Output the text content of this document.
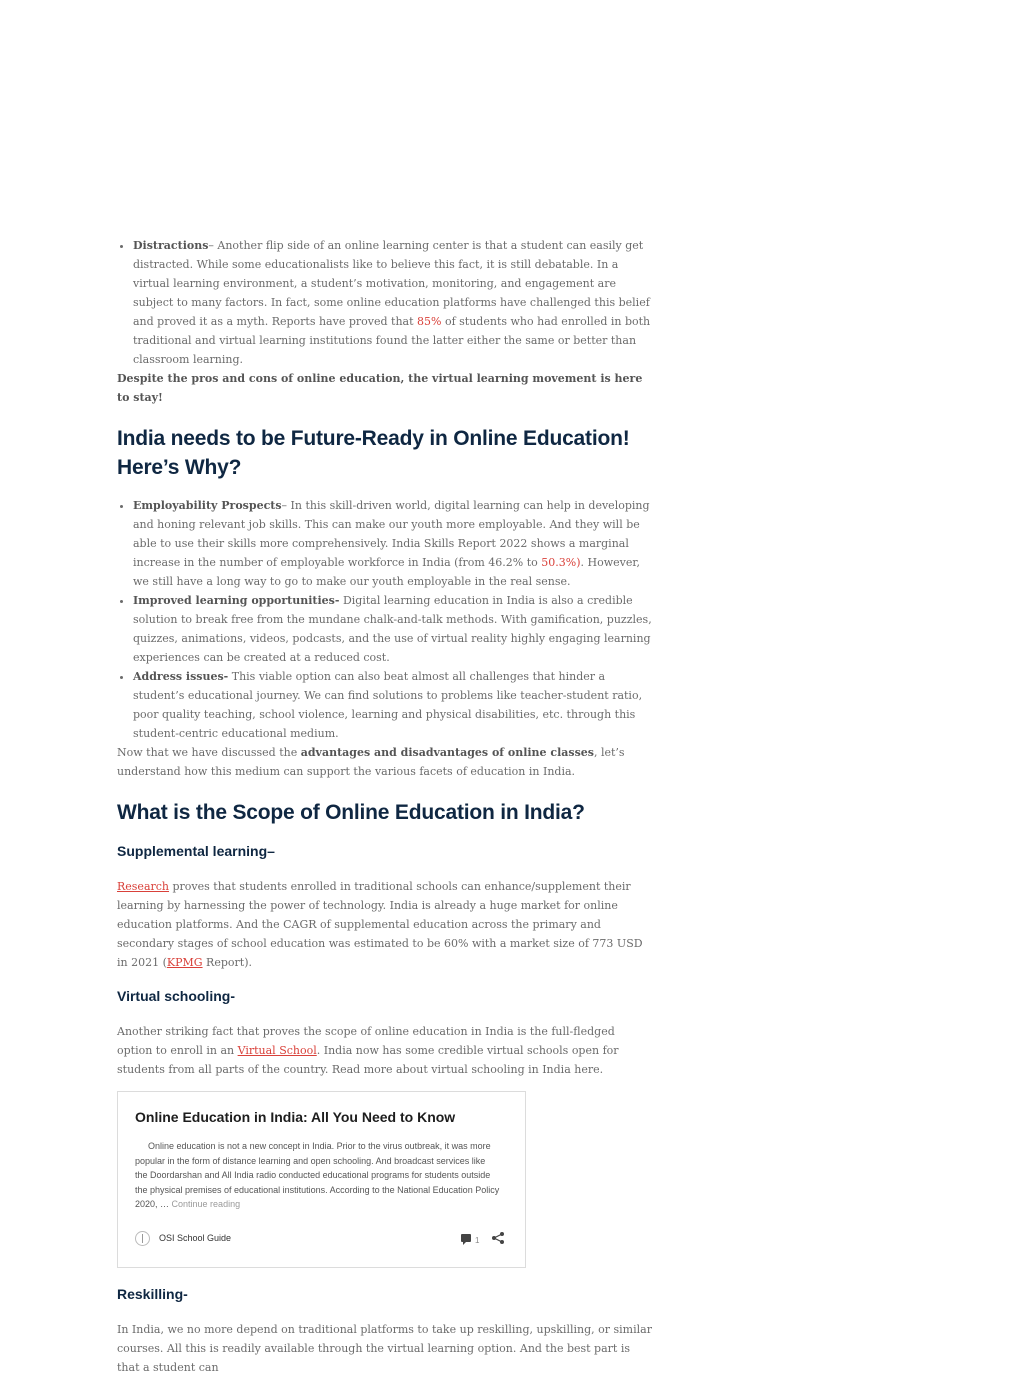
• Distractions– Another flip side of an online learning center is that a student can easily get distracted. While some educationalists like to believe this fact, it is still debatable. In a virtual learning environment, a student’s motivation, monitoring, and engagement are subject to many factors. In fact, some online education platforms have challenged this belief and proved it as a myth. Reports have proved that 85% of students who had enrolled in both traditional and virtual learning institutions found the latter either the same or better than classroom learning.

Despite the pros and cons of online education, the virtual learning movement is here to stay!

India needs to be Future-Ready in Online Education! Here’s Why?
• Employability Prospects– In this skill-driven world, digital learning can help in developing and honing relevant job skills. This can make our youth more employable. And they will be able to use their skills more comprehensively. India Skills Report 2022 shows a marginal increase in the number of employable workforce in India (from 46.2% to 50.3%). However, we still have a long way to go to make our youth employable in the real sense.
• Improved learning opportunities- Digital learning education in India is also a credible solution to break free from the mundane chalk-and-talk methods. With gamification, puzzles, quizzes, animations, videos, podcasts, and the use of virtual reality highly engaging learning experiences can be created at a reduced cost.
• Address issues- This viable option can also beat almost all challenges that hinder a student’s educational journey. We can find solutions to problems like teacher-student ratio, poor quality teaching, school violence, learning and physical disabilities, etc. through this student-centric educational medium.

Now that we have discussed the advantages and disadvantages of online classes, let’s understand how this medium can support the various facets of education in India.

What is the Scope of Online Education in India?
Supplemental learning–

Research proves that students enrolled in traditional schools can enhance/supplement their learning by harnessing the power of technology. India is already a huge market for online education platforms. And the CAGR of supplemental education across the primary and secondary stages of school education was estimated to be 60% with a market size of 773 USD in 2021 (KPMG Report).

Virtual schooling-

Another striking fact that proves the scope of online education in India is the full-fledged option to enroll in an Virtual School. India now has some credible virtual schools open for students from all parts of the country. Read more about virtual schooling in India here.

Online Education in India: All You Need to Know
Online education is not a new concept in India. Prior to the virus outbreak, it was more popular in the form of distance learning and open schooling. And broadcast services like the Doordarshan and All India radio conducted educational programs for students outside the physical premises of educational institutions. According to the National Education Policy 2020, … Continue reading
OSI School Guide	1
Reskilling-

In India, we no more depend on traditional platforms to take up reskilling, upskilling, or similar courses. All this is readily available through the virtual learning option. And the best part is that a student can
